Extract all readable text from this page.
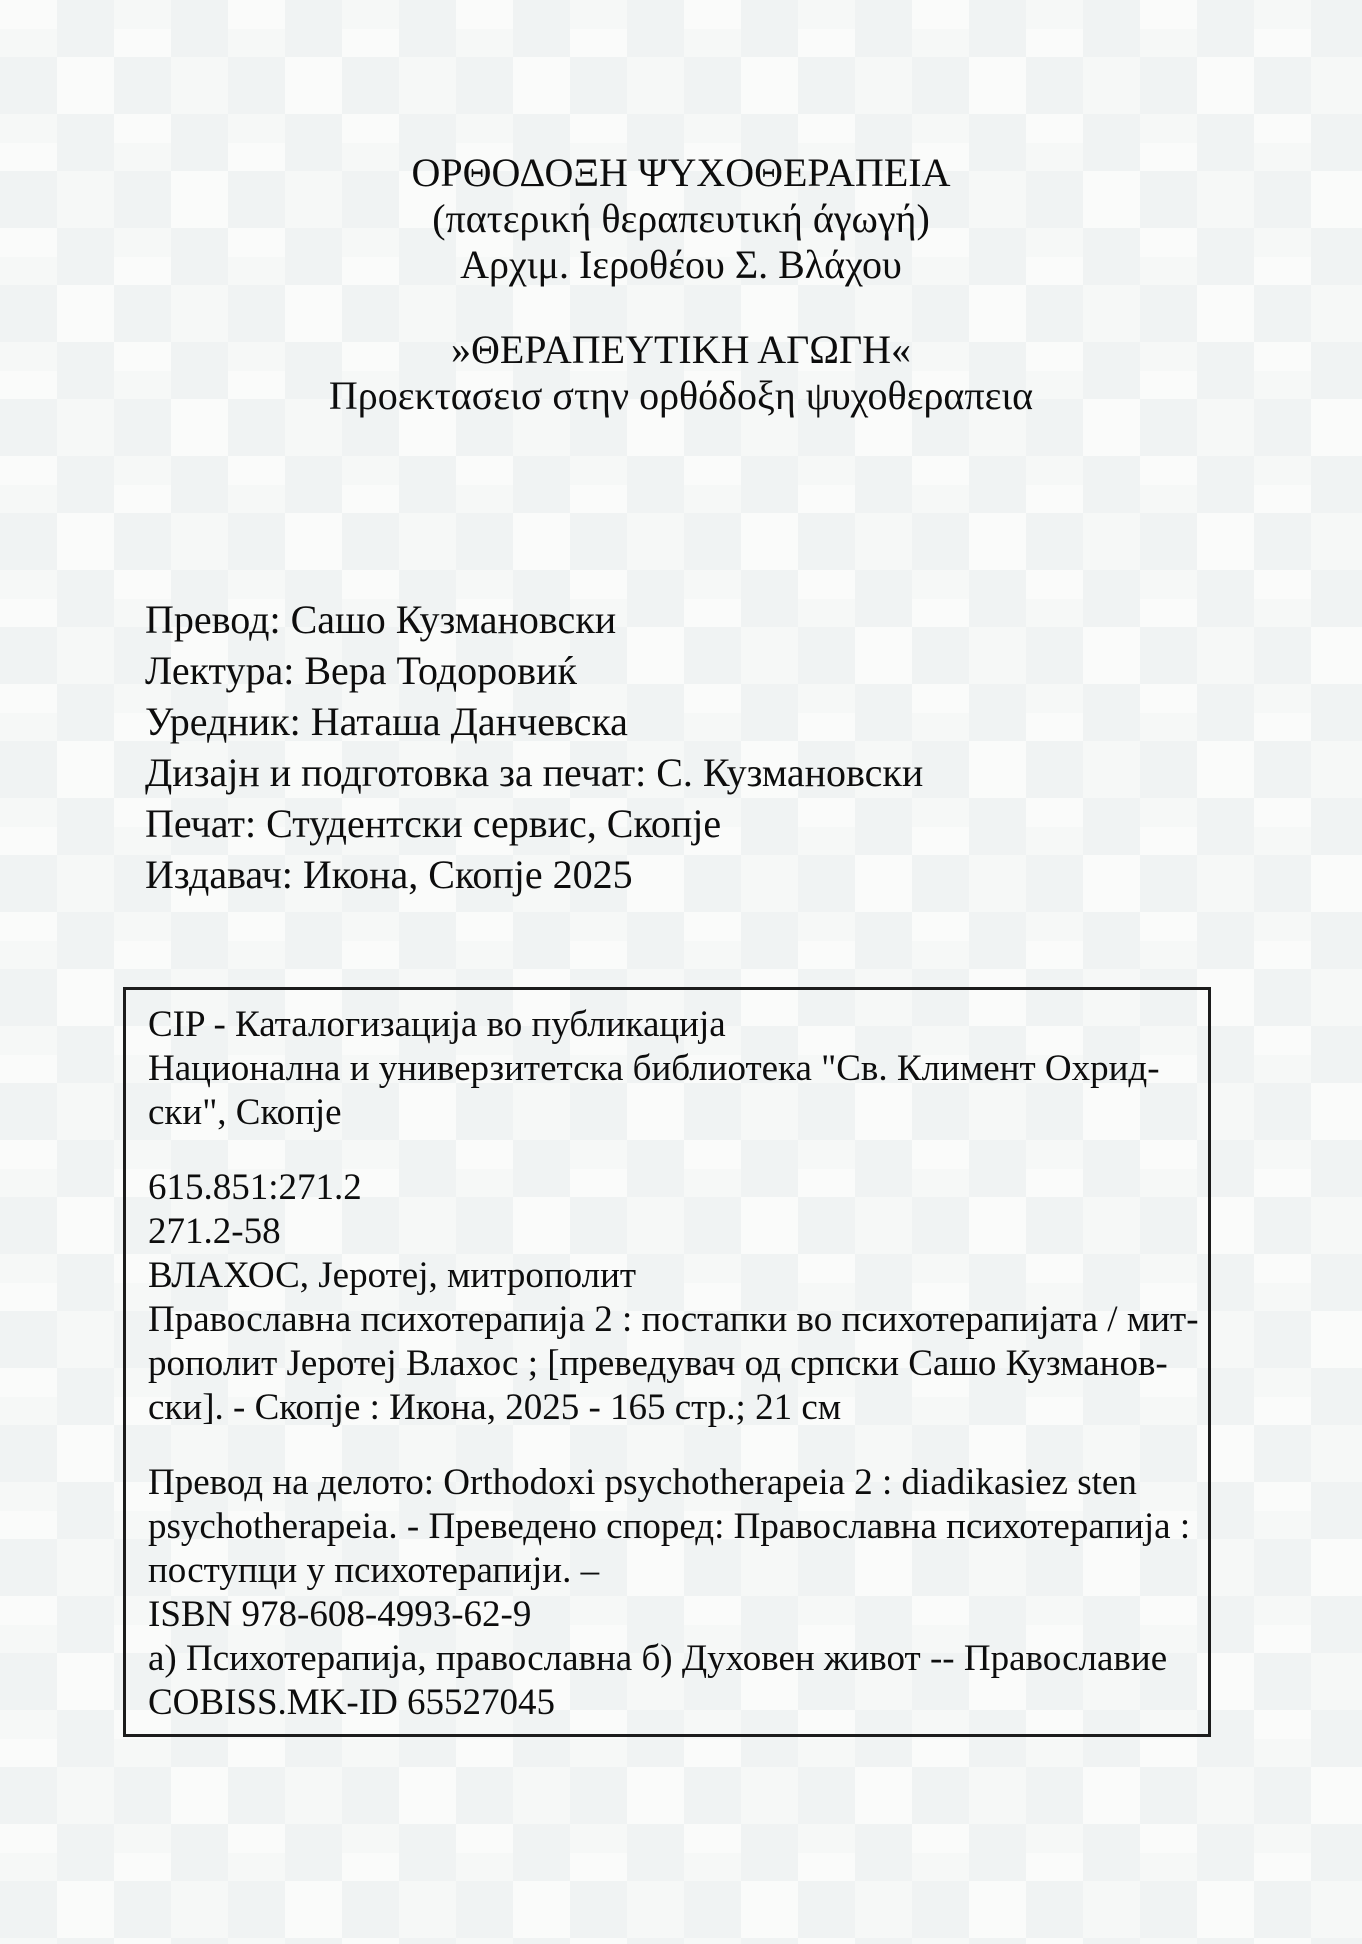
ΟΡΘΟΔΟΞΗ ΨΥΧΟΘΕΡΑΠΕΙΑ
(πατερική θεραπευτική άγωγή)
Αρχιμ. Ιεροθέου Σ. Βλάχου
»ΘΕΡΑΠΕΥΤΙΚΗ ΑΓΩΓΗ«
Προεκτασεισ στην ορθόδοξη ψυχοθεραπεια
Превод: Сашо Кузмановски
Лектура: Вера Тодоровиќ
Уредник: Наташа Данчевска
Дизајн и подготовка за печат: С. Кузмановски
Печат: Студентски сервис, Скопје
Издавач: Икона, Скопје 2025
CIP - Каталогизација во публикација
Национална и универзитетска библиотека "Св. Климент Охрид-
ски", Скопје
615.851:271.2
271.2-58
ВЛАХОС, Јеротеј, митрополит
Православна психотерапија 2 : постапки во психотерапијата / мит-
рополит Јеротеј Влахос ; [преведувач од српски Сашо Кузманов-
ски]. - Скопје : Икона, 2025 - 165 стр.; 21 см
Превод на делото: Orthodoxi psychotherapeia 2 : diadikasiez sten
psychotherapeia. - Преведено според: Православна психотерапија :
поступци у психотерапији. –
ISBN 978-608-4993-62-9
а) Психотерапија, православна б) Духовен живот -- Православие
COBISS.MK-ID 65527045
